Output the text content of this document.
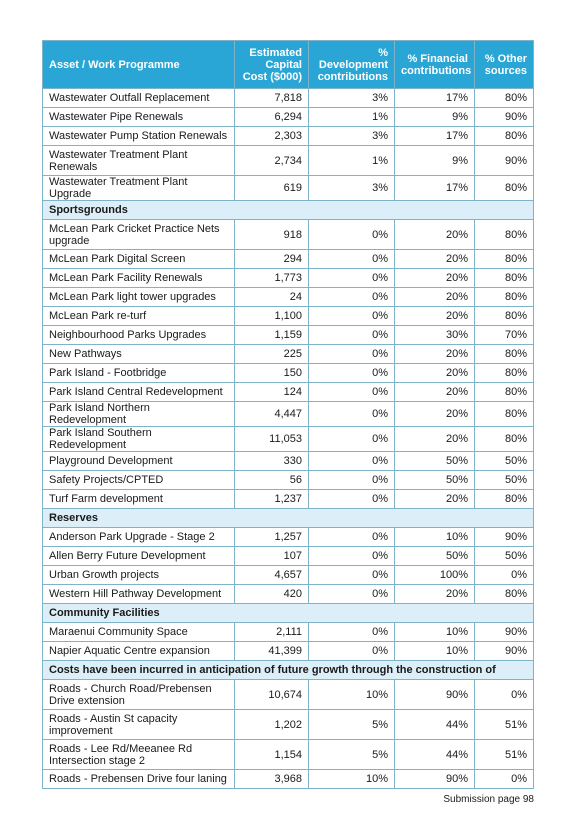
Asset / Work Programme	Estimated Capital Cost ($000)	% Development contributions	% Financial contributions	% Other sources
Wastewater Outfall Replacement	7,818	3%	17%	80%
Wastewater Pipe Renewals	6,294	1%	9%	90%
Wastewater Pump Station Renewals	2,303	3%	17%	80%
Wastewater Treatment Plant Renewals	2,734	1%	9%	90%
Wastewater Treatment Plant Upgrade	619	3%	17%	80%
Sportsgrounds				
McLean Park Cricket Practice Nets upgrade	918	0%	20%	80%
McLean Park Digital Screen	294	0%	20%	80%
McLean Park Facility Renewals	1,773	0%	20%	80%
McLean Park light tower upgrades	24	0%	20%	80%
McLean Park re-turf	1,100	0%	20%	80%
Neighbourhood Parks Upgrades	1,159	0%	30%	70%
New Pathways	225	0%	20%	80%
Park Island - Footbridge	150	0%	20%	80%
Park Island Central Redevelopment	124	0%	20%	80%
Park Island Northern Redevelopment	4,447	0%	20%	80%
Park Island Southern Redevelopment	11,053	0%	20%	80%
Playground Development	330	0%	50%	50%
Safety Projects/CPTED	56	0%	50%	50%
Turf Farm development	1,237	0%	20%	80%
Reserves				
Anderson Park Upgrade - Stage 2	1,257	0%	10%	90%
Allen Berry Future Development	107	0%	50%	50%
Urban Growth projects	4,657	0%	100%	0%
Western Hill Pathway Development	420	0%	20%	80%
Community Facilities				
Maraenui Community Space	2,111	0%	10%	90%
Napier Aquatic Centre expansion	41,399	0%	10%	90%
Costs have been incurred in anticipation of future growth through the construction of				
Roads - Church Road/Prebensen Drive extension	10,674	10%	90%	0%
Roads - Austin St capacity improvement	1,202	5%	44%	51%
Roads - Lee Rd/Meeanee Rd Intersection stage 2	1,154	5%	44%	51%
Roads - Prebensen Drive four laning	3,968	10%	90%	0%
Submission page 98
